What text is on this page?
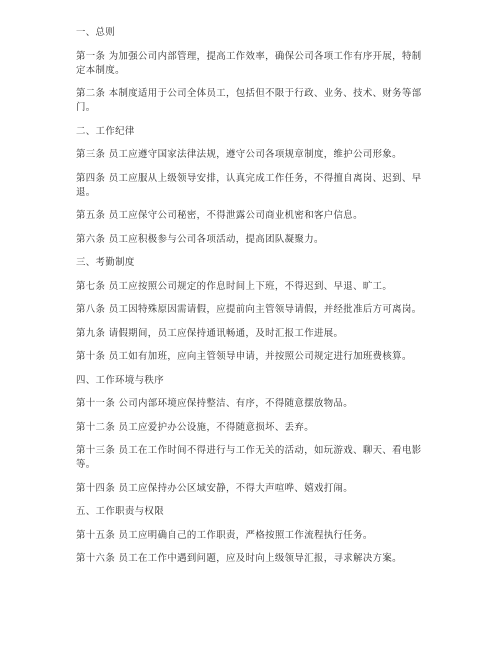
一、总则
第一条 为加强公司内部管理，提高工作效率，确保公司各项工作有序开展，特制定本制度。
第二条 本制度适用于公司全体员工，包括但不限于行政、业务、技术、财务等部门。
二、工作纪律
第三条 员工应遵守国家法律法规，遵守公司各项规章制度，维护公司形象。
第四条 员工应服从上级领导安排，认真完成工作任务，不得擅自离岗、迟到、早退。
第五条 员工应保守公司秘密，不得泄露公司商业机密和客户信息。
第六条 员工应积极参与公司各项活动，提高团队凝聚力。
三、考勤制度
第七条 员工应按照公司规定的作息时间上下班，不得迟到、早退、旷工。
第八条 员工因特殊原因需请假，应提前向主管领导请假，并经批准后方可离岗。
第九条 请假期间，员工应保持通讯畅通，及时汇报工作进展。
第十条 员工如有加班，应向主管领导申请，并按照公司规定进行加班费核算。
四、工作环境与秩序
第十一条 公司内部环境应保持整洁、有序，不得随意摆放物品。
第十二条 员工应爱护办公设施，不得随意损坏、丢弃。
第十三条 员工在工作时间不得进行与工作无关的活动，如玩游戏、聊天、看电影等。
第十四条 员工应保持办公区域安静，不得大声喧哗、嬉戏打闹。
五、工作职责与权限
第十五条 员工应明确自己的工作职责，严格按照工作流程执行任务。
第十六条 员工在工作中遇到问题，应及时向上级领导汇报，寻求解决方案。
